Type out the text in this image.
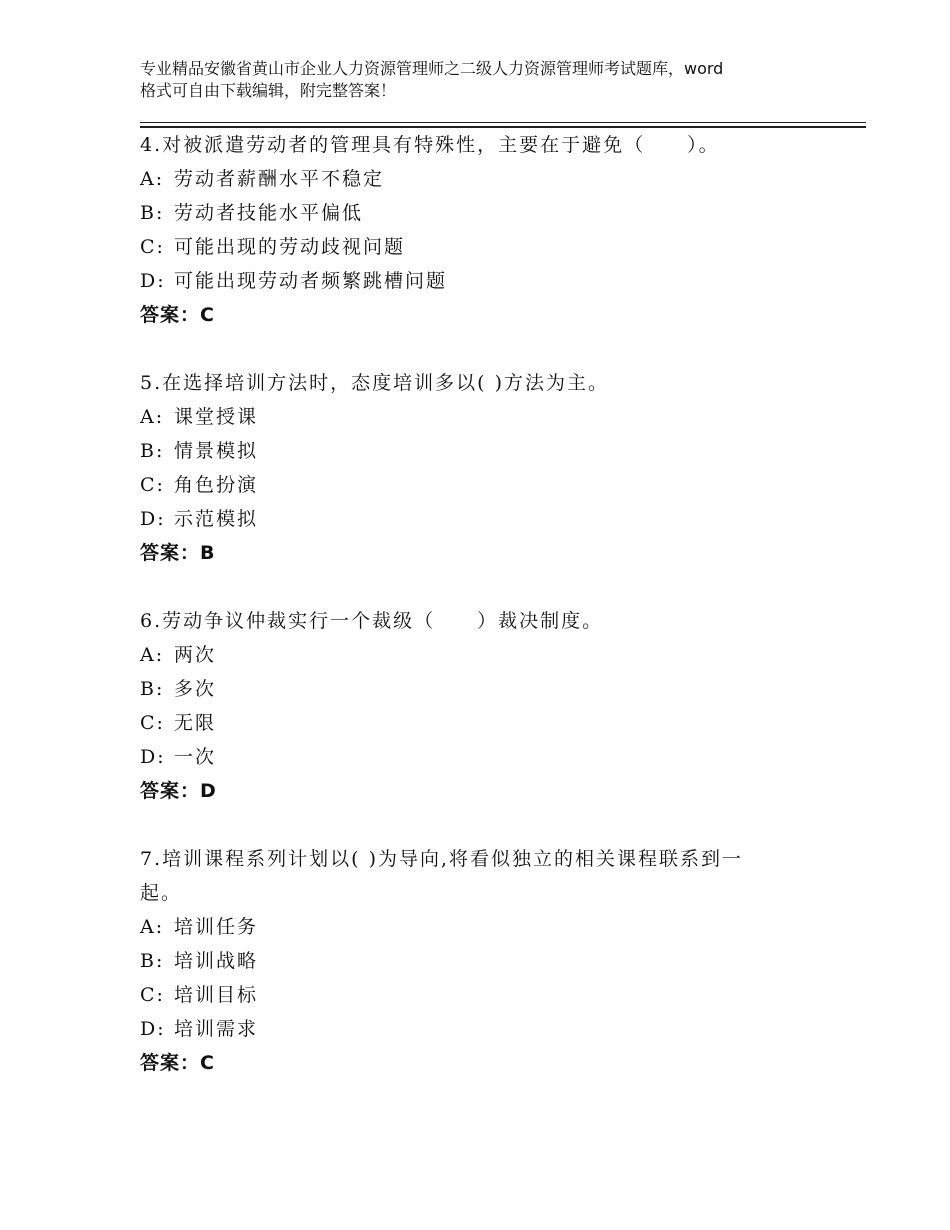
专业精品安徽省黄山市企业人力资源管理师之二级人力资源管理师考试题库，word
格式可自由下载编辑，附完整答案！
4.对被派遣劳动者的管理具有特殊性，主要在于避免（　　）。
A: 劳动者薪酬水平不稳定
B: 劳动者技能水平偏低
C: 可能出现的劳动歧视问题
D: 可能出现劳动者频繁跳槽问题
答案：C
5.在选择培训方法时，态度培训多以( )方法为主。
A: 课堂授课
B: 情景模拟
C: 角色扮演
D: 示范模拟
答案：B
6.劳动争议仲裁实行一个裁级（　　）裁决制度。
A: 两次
B: 多次
C: 无限
D: 一次
答案：D
7.培训课程系列计划以( )为导向,将看似独立的相关课程联系到一起。
A: 培训任务
B: 培训战略
C: 培训目标
D: 培训需求
答案：C
